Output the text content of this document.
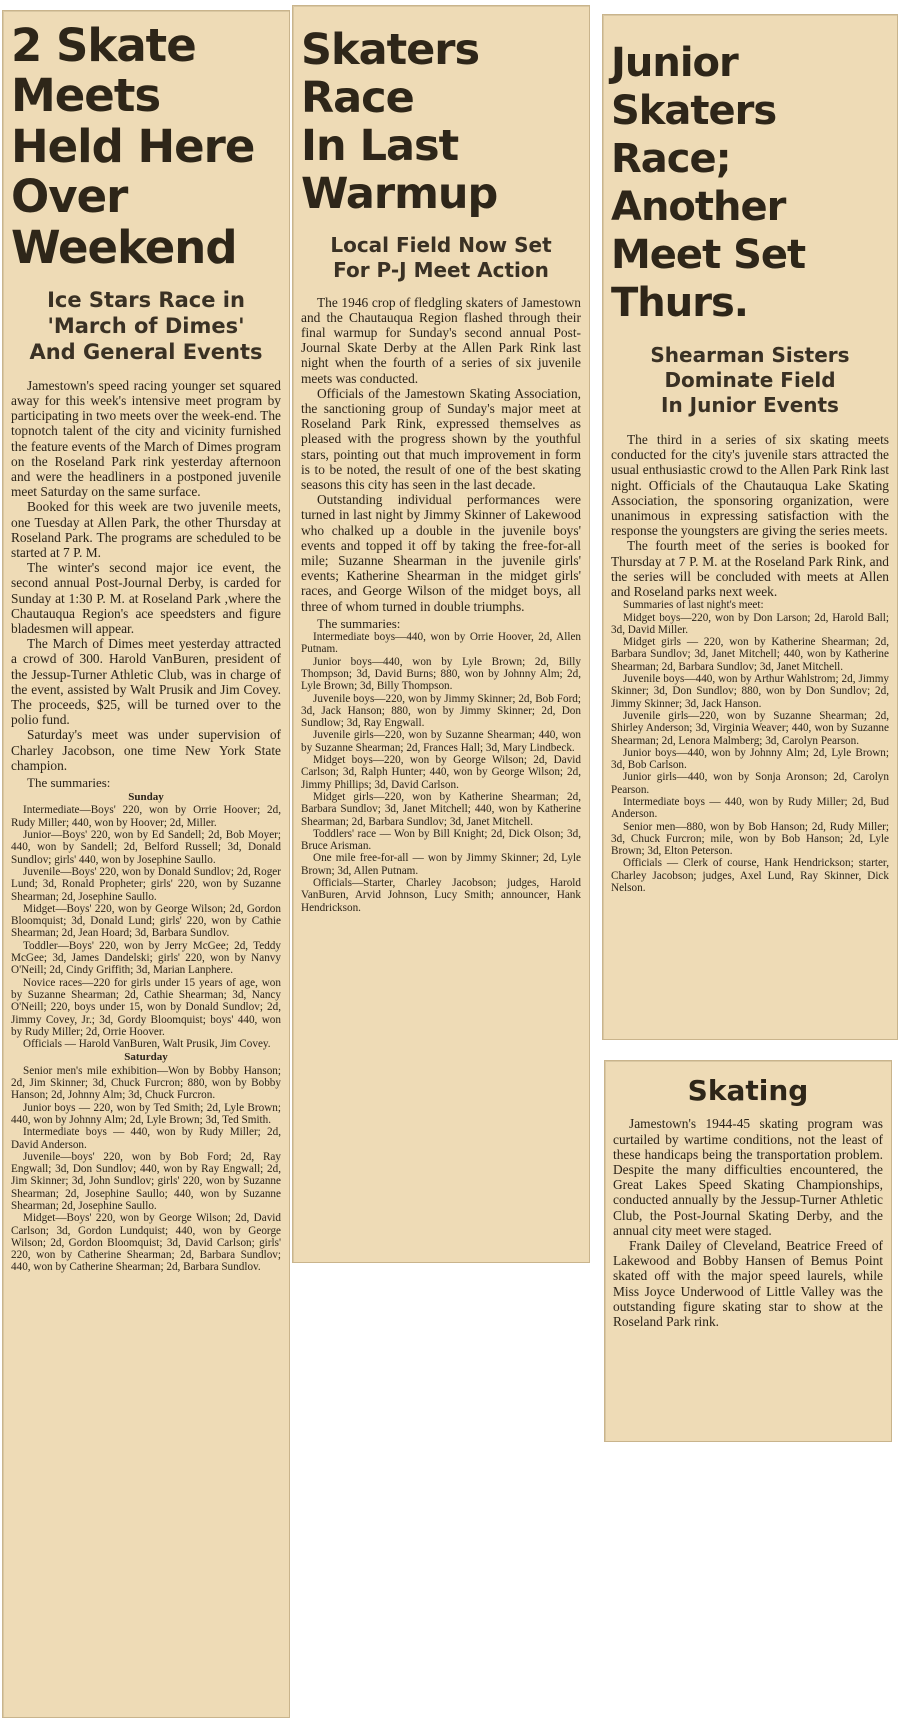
2 Skate Meets
Held Here
Over Weekend
Ice Stars Race in
'March of Dimes'
And General Events

Jamestown's speed racing younger set squared away for this week's intensive meet program by participating in two meets over the week-end. The topnotch talent of the city and vicinity furnished the feature events of the March of Dimes program on the Roseland Park rink yesterday afternoon and were the headliners in a postponed juvenile meet Saturday on the same surface.

Booked for this week are two juvenile meets, one Tuesday at Allen Park, the other Thursday at Roseland Park. The programs are scheduled to be started at 7 P. M.

The winter's second major ice event, the second annual Post-Journal Derby, is carded for Sunday at 1:30 P. M. at Roseland Park ,where the Chautauqua Region's ace speedsters and figure bladesmen will appear.

The March of Dimes meet yesterday attracted a crowd of 300. Harold VanBuren, president of the Jessup-Turner Athletic Club, was in charge of the event, assisted by Walt Prusik and Jim Covey. The proceeds, $25, will be turned over to the polio fund.

Saturday's meet was under supervision of Charley Jacobson, one time New York State champion.

The summaries:

Sunday

Intermediate—Boys' 220, won by Orrie Hoover; 2d, Rudy Miller; 440, won by Hoover; 2d, Miller.

Junior—Boys' 220, won by Ed Sandell; 2d, Bob Moyer; 440, won by Sandell; 2d, Belford Russell; 3d, Donald Sundlov; girls' 440, won by Josephine Saullo.

Juvenile—Boys' 220, won by Donald Sundlov; 2d, Roger Lund; 3d, Ronald Propheter; girls' 220, won by Suzanne Shearman; 2d, Josephine Saullo.

Midget—Boys' 220, won by George Wilson; 2d, Gordon Bloomquist; 3d, Donald Lund; girls' 220, won by Cathie Shearman; 2d, Jean Hoard; 3d, Barbara Sundlov.

Toddler—Boys' 220, won by Jerry McGee; 2d, Teddy McGee; 3d, James Dandelski; girls' 220, won by Nanvy O'Neill; 2d, Cindy Griffith; 3d, Marian Lanphere.

Novice races—220 for girls under 15 years of age, won by Suzanne Shearman; 2d, Cathie Shearman; 3d, Nancy O'Neill; 220, boys under 15, won by Donald Sundlov; 2d, Jimmy Covey, Jr.; 3d, Gordy Bloomquist; boys' 440, won by Rudy Miller; 2d, Orrie Hoover.

Officials — Harold VanBuren, Walt Prusik, Jim Covey.

Saturday

Senior men's mile exhibition—Won by Bobby Hanson; 2d, Jim Skinner; 3d, Chuck Furcron; 880, won by Bobby Hanson; 2d, Johnny Alm; 3d, Chuck Furcron.

Junior boys — 220, won by Ted Smith; 2d, Lyle Brown; 440, won by Johnny Alm; 2d, Lyle Brown; 3d, Ted Smith.

Intermediate boys — 440, won by Rudy Miller; 2d, David Anderson.

Juvenile—boys' 220, won by Bob Ford; 2d, Ray Engwall; 3d, Don Sundlov; 440, won by Ray Engwall; 2d, Jim Skinner; 3d, John Sundlov; girls' 220, won by Suzanne Shearman; 2d, Josephine Saullo; 440, won by Suzanne Shearman; 2d, Josephine Saullo.

Midget—Boys' 220, won by George Wilson; 2d, David Carlson; 3d, Gordon Lundquist; 440, won by George Wilson; 2d, Gordon Bloomquist; 3d, David Carlson; girls' 220, won by Catherine Shearman; 2d, Barbara Sundlov; 440, won by Catherine Shearman; 2d, Barbara Sundlov.

Skaters Race
In Last Warmup
Local Field Now Set
For P-J Meet Action

The 1946 crop of fledgling skaters of Jamestown and the Chautauqua Region flashed through their final warmup for Sunday's second annual Post-Journal Skate Derby at the Allen Park Rink last night when the fourth of a series of six juvenile meets was conducted.

Officials of the Jamestown Skating Association, the sanctioning group of Sunday's major meet at Roseland Park Rink, expressed themselves as pleased with the progress shown by the youthful stars, pointing out that much improvement in form is to be noted, the result of one of the best skating seasons this city has seen in the last decade.

Outstanding individual performances were turned in last night by Jimmy Skinner of Lakewood who chalked up a double in the juvenile boys' events and topped it off by taking the free-for-all mile; Suzanne Shearman in the juvenile girls' events; Katherine Shearman in the midget girls' races, and George Wilson of the midget boys, all three of whom turned in double triumphs.

The summaries:

Intermediate boys—440, won by Orrie Hoover, 2d, Allen Putnam.

Junior boys—440, won by Lyle Brown; 2d, Billy Thompson; 3d, David Burns; 880, won by Johnny Alm; 2d, Lyle Brown; 3d, Billy Thompson.

Juvenile boys—220, won by Jimmy Skinner; 2d, Bob Ford; 3d, Jack Hanson; 880, won by Jimmy Skinner; 2d, Don Sundlow; 3d, Ray Engwall.

Juvenile girls—220, won by Suzanne Shearman; 440, won by Suzanne Shearman; 2d, Frances Hall; 3d, Mary Lindbeck.

Midget boys—220, won by George Wilson; 2d, David Carlson; 3d, Ralph Hunter; 440, won by George Wilson; 2d, Jimmy Phillips; 3d, David Carlson.

Midget girls—220, won by Katherine Shearman; 2d, Barbara Sundlov; 3d, Janet Mitchell; 440, won by Katherine Shearman; 2d, Barbara Sundlov; 3d, Janet Mitchell.

Toddlers' race — Won by Bill Knight; 2d, Dick Olson; 3d, Bruce Arisman.

One mile free-for-all — won by Jimmy Skinner; 2d, Lyle Brown; 3d, Allen Putnam.

Officials—Starter, Charley Jacobson; judges, Harold VanBuren, Arvid Johnson, Lucy Smith; announcer, Hank Hendrickson.

Junior Skaters
Race; Another
Meet Set Thurs.
Shearman Sisters
Dominate Field
In Junior Events

The third in a series of six skating meets conducted for the city's juvenile stars attracted the usual enthusiastic crowd to the Allen Park Rink last night. Officials of the Chautauqua Lake Skating Association, the sponsoring organization, were unanimous in expressing satisfaction with the response the youngsters are giving the series meets.

The fourth meet of the series is booked for Thursday at 7 P. M. at the Roseland Park Rink, and the series will be concluded with meets at Allen and Roseland parks next week.

Summaries of last night's meet:

Midget boys—220, won by Don Larson; 2d, Harold Ball; 3d, David Miller.

Midget girls — 220, won by Katherine Shearman; 2d, Barbara Sundlov; 3d, Janet Mitchell; 440, won by Katherine Shearman; 2d, Barbara Sundlov; 3d, Janet Mitchell.

Juvenile boys—440, won by Arthur Wahlstrom; 2d, Jimmy Skinner; 3d, Don Sundlov; 880, won by Don Sundlov; 2d, Jimmy Skinner; 3d, Jack Hanson.

Juvenile girls—220, won by Suzanne Shearman; 2d, Shirley Anderson; 3d, Virginia Weaver; 440, won by Suzanne Shearman; 2d, Lenora Malmberg; 3d, Carolyn Pearson.

Junior boys—440, won by Johnny Alm; 2d, Lyle Brown; 3d, Bob Carlson.

Junior girls—440, won by Sonja Aronson; 2d, Carolyn Pearson.

Intermediate boys — 440, won by Rudy Miller; 2d, Bud Anderson.

Senior men—880, won by Bob Hanson; 2d, Rudy Miller; 3d, Chuck Furcron; mile, won by Bob Hanson; 2d, Lyle Brown; 3d, Elton Peterson.

Officials — Clerk of course, Hank Hendrickson; starter, Charley Jacobson; judges, Axel Lund, Ray Skinner, Dick Nelson.

Skating

Jamestown's 1944-45 skating program was curtailed by wartime conditions, not the least of these handicaps being the transportation problem. Despite the many difficulties encountered, the Great Lakes Speed Skating Championships, conducted annually by the Jessup-Turner Athletic Club, the Post-Journal Skating Derby, and the annual city meet were staged.

Frank Dailey of Cleveland, Beatrice Freed of Lakewood and Bobby Hansen of Bemus Point skated off with the major speed laurels, while Miss Joyce Underwood of Little Valley was the outstanding figure skating star to show at the Roseland Park rink.
